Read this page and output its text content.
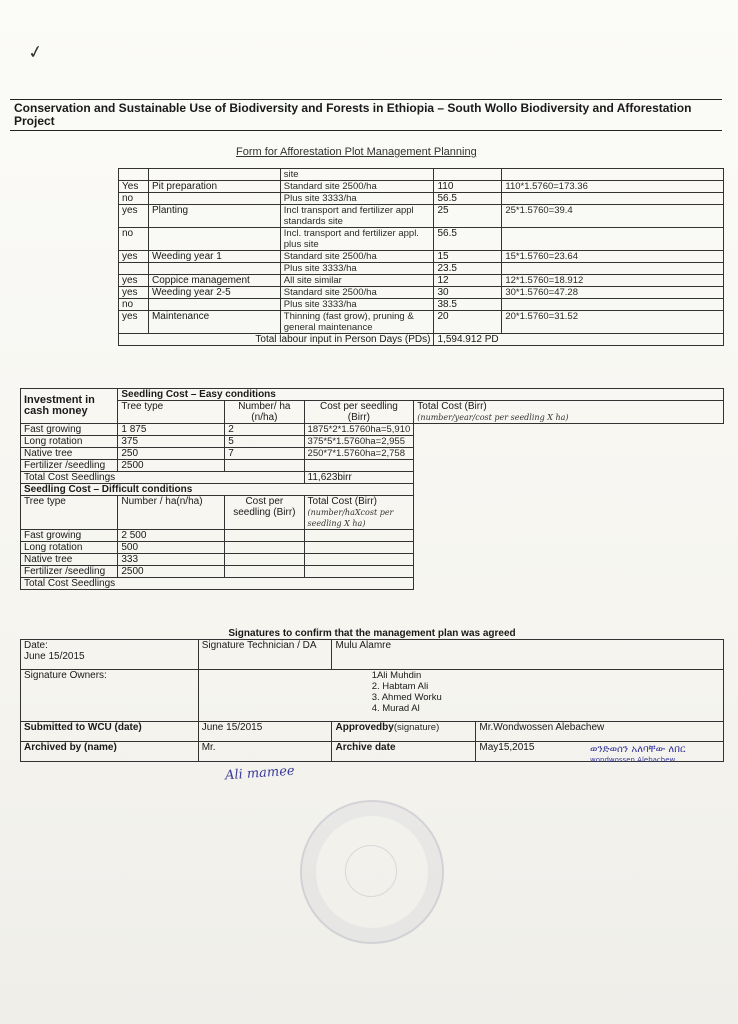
✓
Conservation and Sustainable Use of Biodiversity and Forests in Ethiopia – South Wollo Biodiversity and Afforestation Project
Form for Afforestation Plot Management Planning
		site		
Yes	Pit preparation	Standard site 2500/ha	110	110*1.5760=173.36
no		Plus site 3333/ha	56.5	
yes	Planting	Incl transport and fertilizer appl standards site	25	25*1.5760=39.4
no		Incl. transport and fertilizer appl. plus site	56.5	
yes	Weeding year 1	Standard site 2500/ha	15	15*1.5760=23.64
		Plus site 3333/ha	23.5	
yes	Coppice management	All site similar	12	12*1.5760=18.912
yes	Weeding year 2-5	Standard site 2500/ha	30	30*1.5760=47.28
no		Plus site 3333/ha	38.5	
yes	Maintenance	Thinning (fast grow), pruning & general maintenance	20	20*1.5760=31.52
Total labour input in Person Days (PDs)			1,594.912 PD	
Investment in cash money	Seedling Cost – Easy conditions			
	Tree type	Number/ ha (n/ha)	Cost per seedling (Birr)	Total Cost (Birr)
(number/year/cost per seedling X ha)

Fast growing	1 875	2	1875*2*1.5760ha=5,910	
Long rotation	375	5	375*5*1.5760ha=2,955	
Native tree	250	7	250*7*1.5760ha=2,758	
Fertilizer /seedling	2500			
Total Cost Seedlings			11,623birr	
Seedling Cost – Difficult conditions				
Tree type	Number / ha(n/ha)	Cost per seedling (Birr)	Total Cost (Birr)
(number/haXcost per seedling X ha)	

Fast growing	2 500			
Long rotation	500			
Native tree	333			
Fertilizer /seedling	2500			
Total Cost Seedlings				
Signatures to confirm that the management plan was agreed			

Date:
June 15/2015	Signature Technician / DA	Mulu Alamre	
Signature Owners:	1Ali Muhdin
2. Habtam Ali
3. Ahmed Worku
4. Murad Al		

Submitted to WCU (date)	June 15/2015	Approvedby(signature)	Mr.Wondwossen Alebachew
Archived by (name)	Mr.	Archive date	May15,2015
Ali mamee
ወንድወሰን አለባቸው ለበር
wondwossen Alebachew
